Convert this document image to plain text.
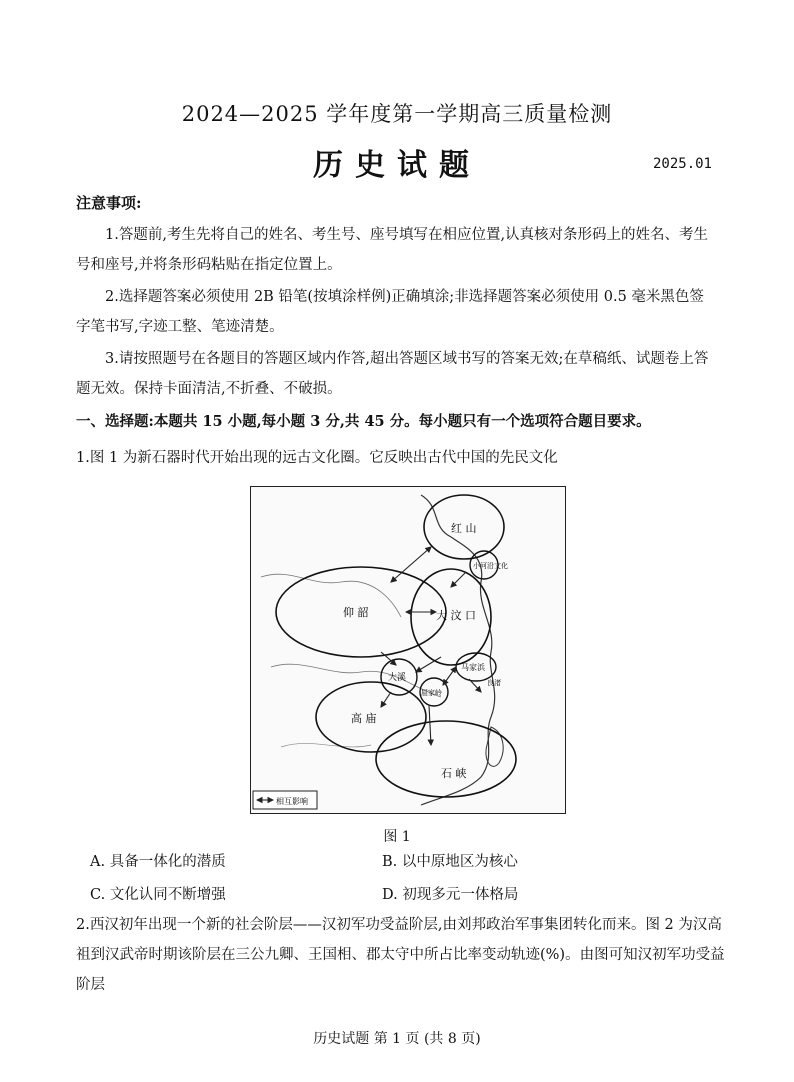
2024—2025 学年度第一学期高三质量检测
历史试题	2025.01
注意事项:
1.答题前,考生先将自己的姓名、考生号、座号填写在相应位置,认真核对条形码上的姓名、考生号和座号,并将条形码粘贴在指定位置上。
2.选择题答案必须使用 2B 铅笔(按填涂样例)正确填涂;非选择题答案必须使用 0.5 毫米黑色签字笔书写,字迹工整、笔迹清楚。
3.请按照题号在各题目的答题区域内作答,超出答题区域书写的答案无效;在草稿纸、试题卷上答题无效。保持卡面清洁,不折叠、不破损。
一、选择题:本题共 15 小题,每小题 3 分,共 45 分。每小题只有一个选项符合题目要求。
1.图 1 为新石器时代开始出现的远古文化圈。它反映出古代中国的先民文化
红 山
仰 韶	大 汶 口
小河沿文化
马家浜
良渚
大溪
屈家岭
高 庙
石 峡
相互影响
图 1
A. 具备一体化的潜质	B. 以中原地区为核心
C. 文化认同不断增强	D. 初现多元一体格局
2.西汉初年出现一个新的社会阶层——汉初军功受益阶层,由刘邦政治军事集团转化而来。图 2 为汉高祖到汉武帝时期该阶层在三公九卿、王国相、郡太守中所占比率变动轨迹(%)。由图可知汉初军功受益阶层
历史试题 第 1 页 (共 8 页)
